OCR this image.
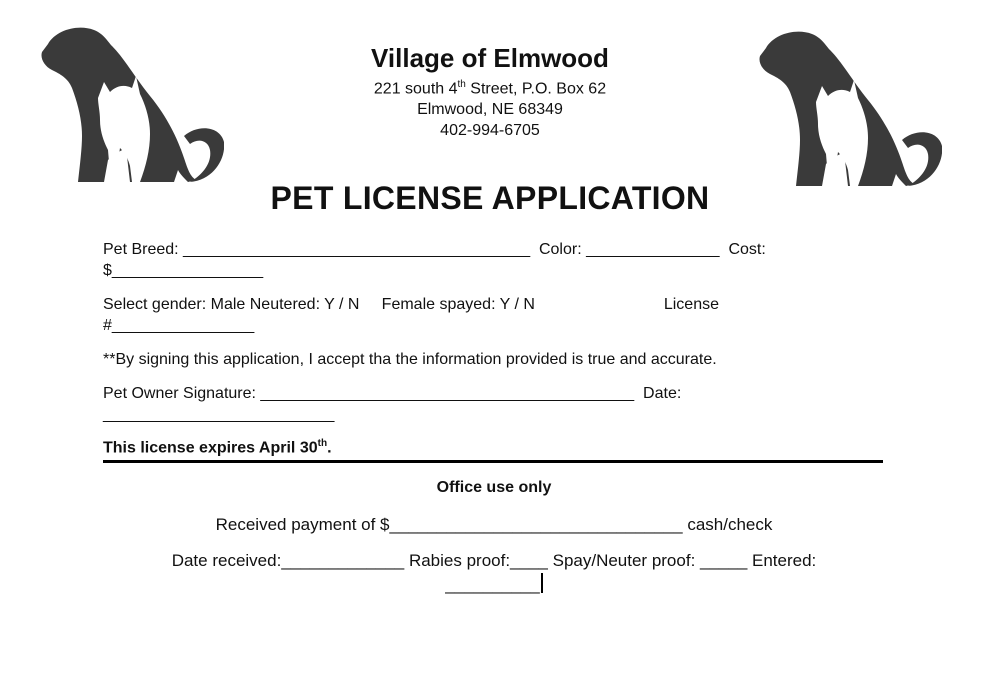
Village of Elmwood
221 south 4th Street, P.O. Box 62
Elmwood, NE 68349
402-994-6705
PET LICENSE APPLICATION
Pet Breed: _______________________________________  Color: _______________  Cost:
$_________________
Select gender: Male Neutered: Y / N     Female spayed: Y / N                             License
#________________
**By signing this application, I accept tha the information provided is true and accurate.
Pet Owner Signature: __________________________________________  Date:
__________________________
This license expires April 30th.
Office use only
Received payment of $_______________________________ cash/check
Date received:_____________ Rabies proof:____ Spay/Neuter proof: _____ Entered:
__________
